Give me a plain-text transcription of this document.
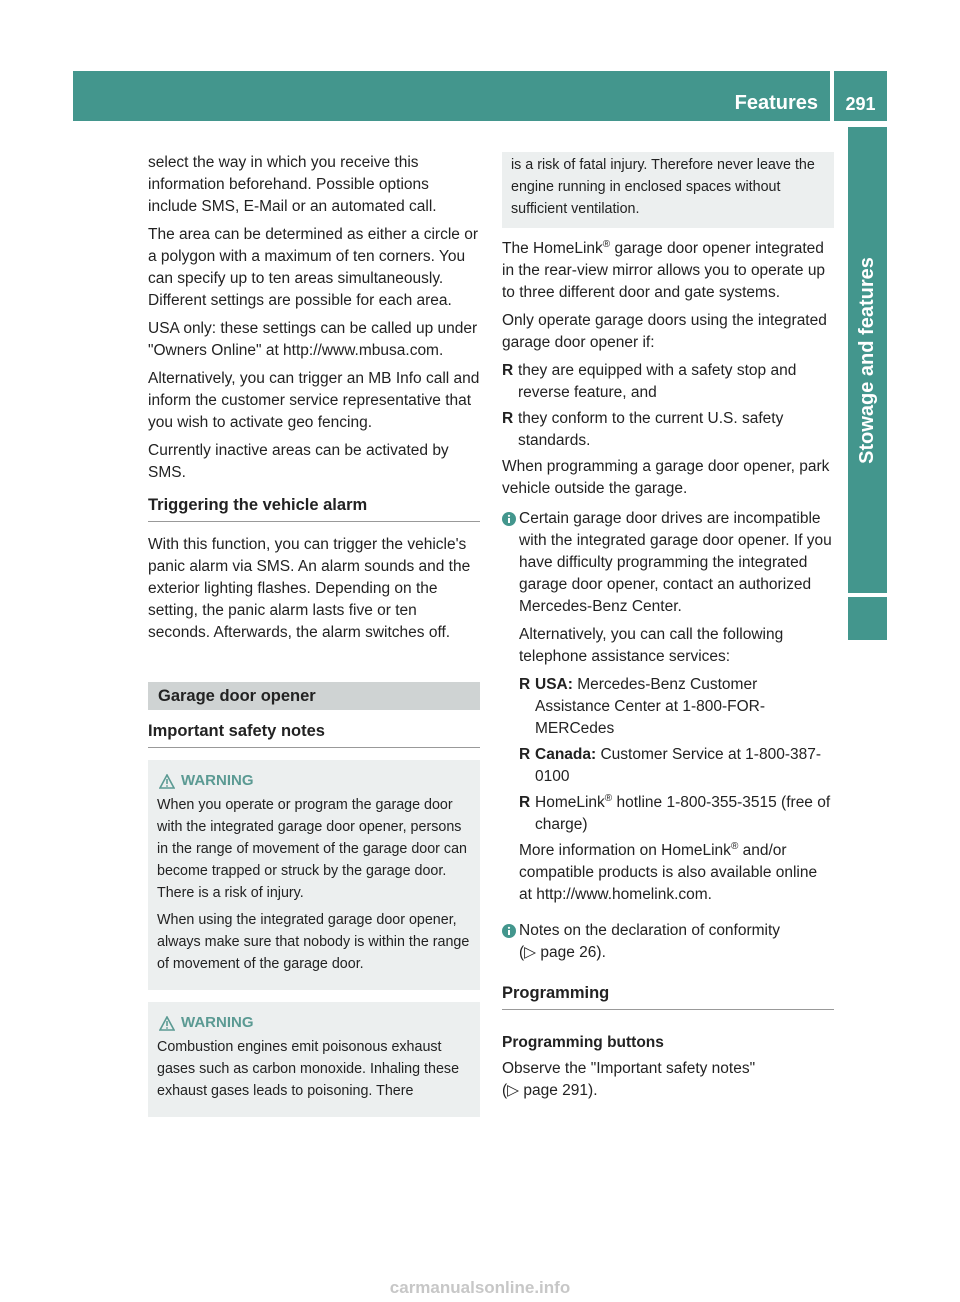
Features	291
Stowage and features

select the way in which you receive this information beforehand. Possible options include SMS, E-Mail or an automated call.

The area can be determined as either a circle or a polygon with a maximum of ten corners. You can specify up to ten areas simultaneously. Different settings are possible for each area.

USA only: these settings can be called up under "Owners Online" at http://www.mbusa.com.

Alternatively, you can trigger an MB Info call and inform the customer service representative that you wish to activate geo fencing.

Currently inactive areas can be activated by SMS.

Triggering the vehicle alarm

With this function, you can trigger the vehicle's panic alarm via SMS. An alarm sounds and the exterior lighting flashes. Depending on the setting, the panic alarm lasts five or ten seconds. Afterwards, the alarm switches off.

Garage door opener
Important safety notes
WARNING

When you operate or program the garage door with the integrated garage door opener, persons in the range of movement of the garage door can become trapped or struck by the garage door. There is a risk of injury.

When using the integrated garage door opener, always make sure that nobody is within the range of movement of the garage door.

WARNING

Combustion engines emit poisonous exhaust gases such as carbon monoxide. Inhaling these exhaust gases leads to poisoning. There

is a risk of fatal injury. Therefore never leave the engine running in enclosed spaces without sufficient ventilation.

The HomeLink® garage door opener integrated in the rear-view mirror allows you to operate up to three different door and gate systems.

Only operate garage doors using the integrated garage door opener if:

R they are equipped with a safety stop and reverse feature, and
R they conform to the current U.S. safety standards.

When programming a garage door opener, park vehicle outside the garage.

Certain garage door drives are incompatible with the integrated garage door opener. If you have difficulty programming the integrated garage door opener, contact an authorized Mercedes-Benz Center.

Alternatively, you can call the following telephone assistance services:

R USA: Mercedes-Benz Customer Assistance Center at 1-800-FOR-MERCedes
R Canada: Customer Service at 1-800-387-0100
R HomeLink® hotline 1-800-355-3515 (free of charge)

More information on HomeLink® and/or compatible products is also available online at http://www.homelink.com.

Notes on the declaration of conformity
(▷ page 26).
Programming
Programming buttons
Observe the "Important safety notes"
(▷ page 291).
carmanualsonline.info
